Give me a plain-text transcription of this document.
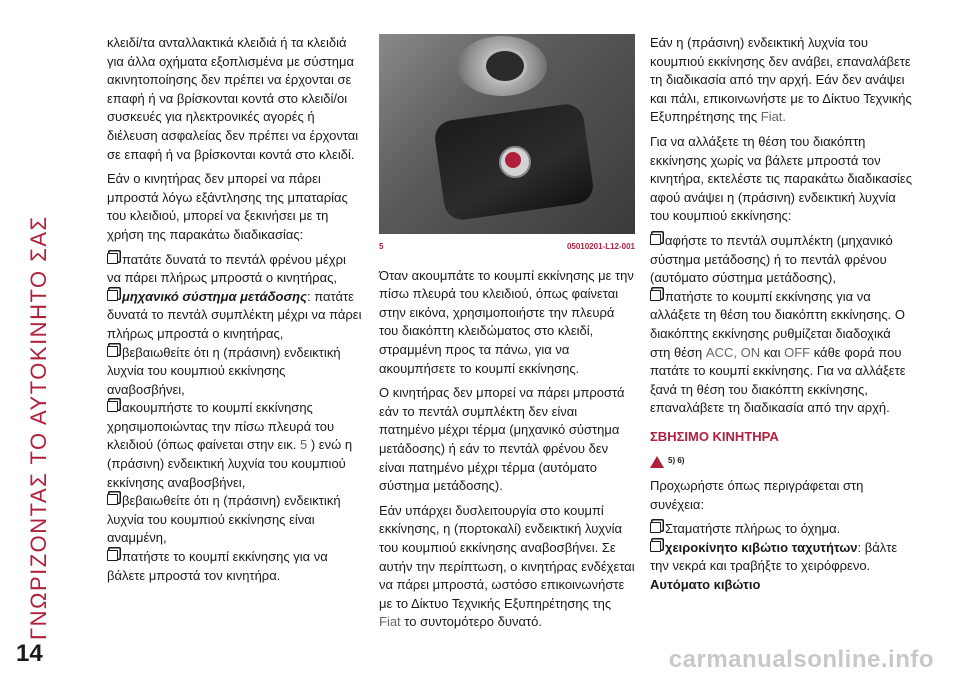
ΓΝΩΡΙΖΟΝΤΑΣ ΤΟ ΑΥΤΟΚΙΝΗΤΟ ΣΑΣ
14

κλειδί/τα ανταλλακτικά κλειδιά ή τα κλειδιά για άλλα οχήματα εξοπλισμένα με σύστημα ακινητοποίησης δεν πρέπει να έρχονται σε επαφή ή να βρίσκονται κοντά στο κλειδί/οι συσκευές για ηλεκτρονικές αγορές ή διέλευση ασφαλείας δεν πρέπει να έρχονται σε επαφή ή να βρίσκονται κοντά στο κλειδί.

Εάν ο κινητήρας δεν μπορεί να πάρει μπροστά λόγω εξάντλησης της μπαταρίας του κλειδιού, μπορεί να ξεκινήσει με τη χρήση της παρακάτω διαδικασίας:

πατάτε δυνατά το πεντάλ φρένου μέχρι να πάρει πλήρως μπροστά ο κινητήρας,
μηχανικό σύστημα μετάδοσης: πατάτε δυνατά το πεντάλ συμπλέκτη μέχρι να πάρει πλήρως μπροστά ο κινητήρας,
βεβαιωθείτε ότι η (πράσινη) ενδεικτική λυχνία του κουμπιού εκκίνησης αναβοσβήνει,
ακουμπήστε το κουμπί εκκίνησης χρησιμοποιώντας την πίσω πλευρά του κλειδιού (όπως φαίνεται στην εικ. 5 ) ενώ η (πράσινη) ενδεικτική λυχνία του κουμπιού εκκίνησης αναβοσβήνει,
βεβαιωθείτε ότι η (πράσινη) ενδεικτική λυχνία του κουμπιού εκκίνησης είναι αναμμένη,
πατήστε το κουμπί εκκίνησης για να βάλετε μπροστά τον κινητήρα.
5	05010201-L12-001

Όταν ακουμπάτε το κουμπί εκκίνησης με την πίσω πλευρά του κλειδιού, όπως φαίνεται στην εικόνα, χρησιμοποιήστε την πλευρά του διακόπτη κλειδώματος στο κλειδί, στραμμένη προς τα πάνω, για να ακουμπήσετε το κουμπί εκκίνησης.

Ο κινητήρας δεν μπορεί να πάρει μπροστά εάν το πεντάλ συμπλέκτη δεν είναι πατημένο μέχρι τέρμα (μηχανικό σύστημα μετάδοσης) ή εάν το πεντάλ φρένου δεν είναι πατημένο μέχρι τέρμα (αυτόματο σύστημα μετάδοσης).

Εάν υπάρχει δυσλειτουργία στο κουμπί εκκίνησης, η (πορτοκαλί) ενδεικτική λυχνία του κουμπιού εκκίνησης αναβοσβήνει. Σε αυτήν την περίπτωση, ο κινητήρας ενδέχεται να πάρει μπροστά, ωστόσο επικοινωνήστε με το Δίκτυο Τεχνικής Εξυπηρέτησης της Fiat το συντομότερο δυνατό.

Εάν η (πράσινη) ενδεικτική λυχνία του κουμπιού εκκίνησης δεν ανάβει, επαναλάβετε τη διαδικασία από την αρχή. Εάν δεν ανάψει και πάλι, επικοινωνήστε με το Δίκτυο Τεχνικής Εξυπηρέτησης της Fiat.

Για να αλλάξετε τη θέση του διακόπτη εκκίνησης χωρίς να βάλετε μπροστά τον κινητήρα, εκτελέστε τις παρακάτω διαδικασίες αφού ανάψει η (πράσινη) ενδεικτική λυχνία του κουμπιού εκκίνησης:

αφήστε το πεντάλ συμπλέκτη (μηχανικό σύστημα μετάδοσης) ή το πεντάλ φρένου (αυτόματο σύστημα μετάδοσης),
πατήστε το κουμπί εκκίνησης για να αλλάξετε τη θέση του διακόπτη εκκίνησης. Ο διακόπτης εκκίνησης ρυθμίζεται διαδοχικά στη θέση ACC, ON και OFF κάθε φορά που πατάτε το κουμπί εκκίνησης. Για να αλλάξετε ξανά τη θέση του διακόπτη εκκίνησης, επαναλάβετε τη διαδικασία από την αρχή.
ΣΒΗΣΙΜΟ ΚΙΝΗΤΗΡΑ
5) 6)

Προχωρήστε όπως περιγράφεται στη συνέχεια:

Σταματήστε πλήρως το όχημα.
χειροκίνητο κιβώτιο ταχυτήτων: βάλτε την νεκρά και τραβήξτε το χειρόφρενο. Αυτόματο κιβώτιο
carmanualsonline.info
